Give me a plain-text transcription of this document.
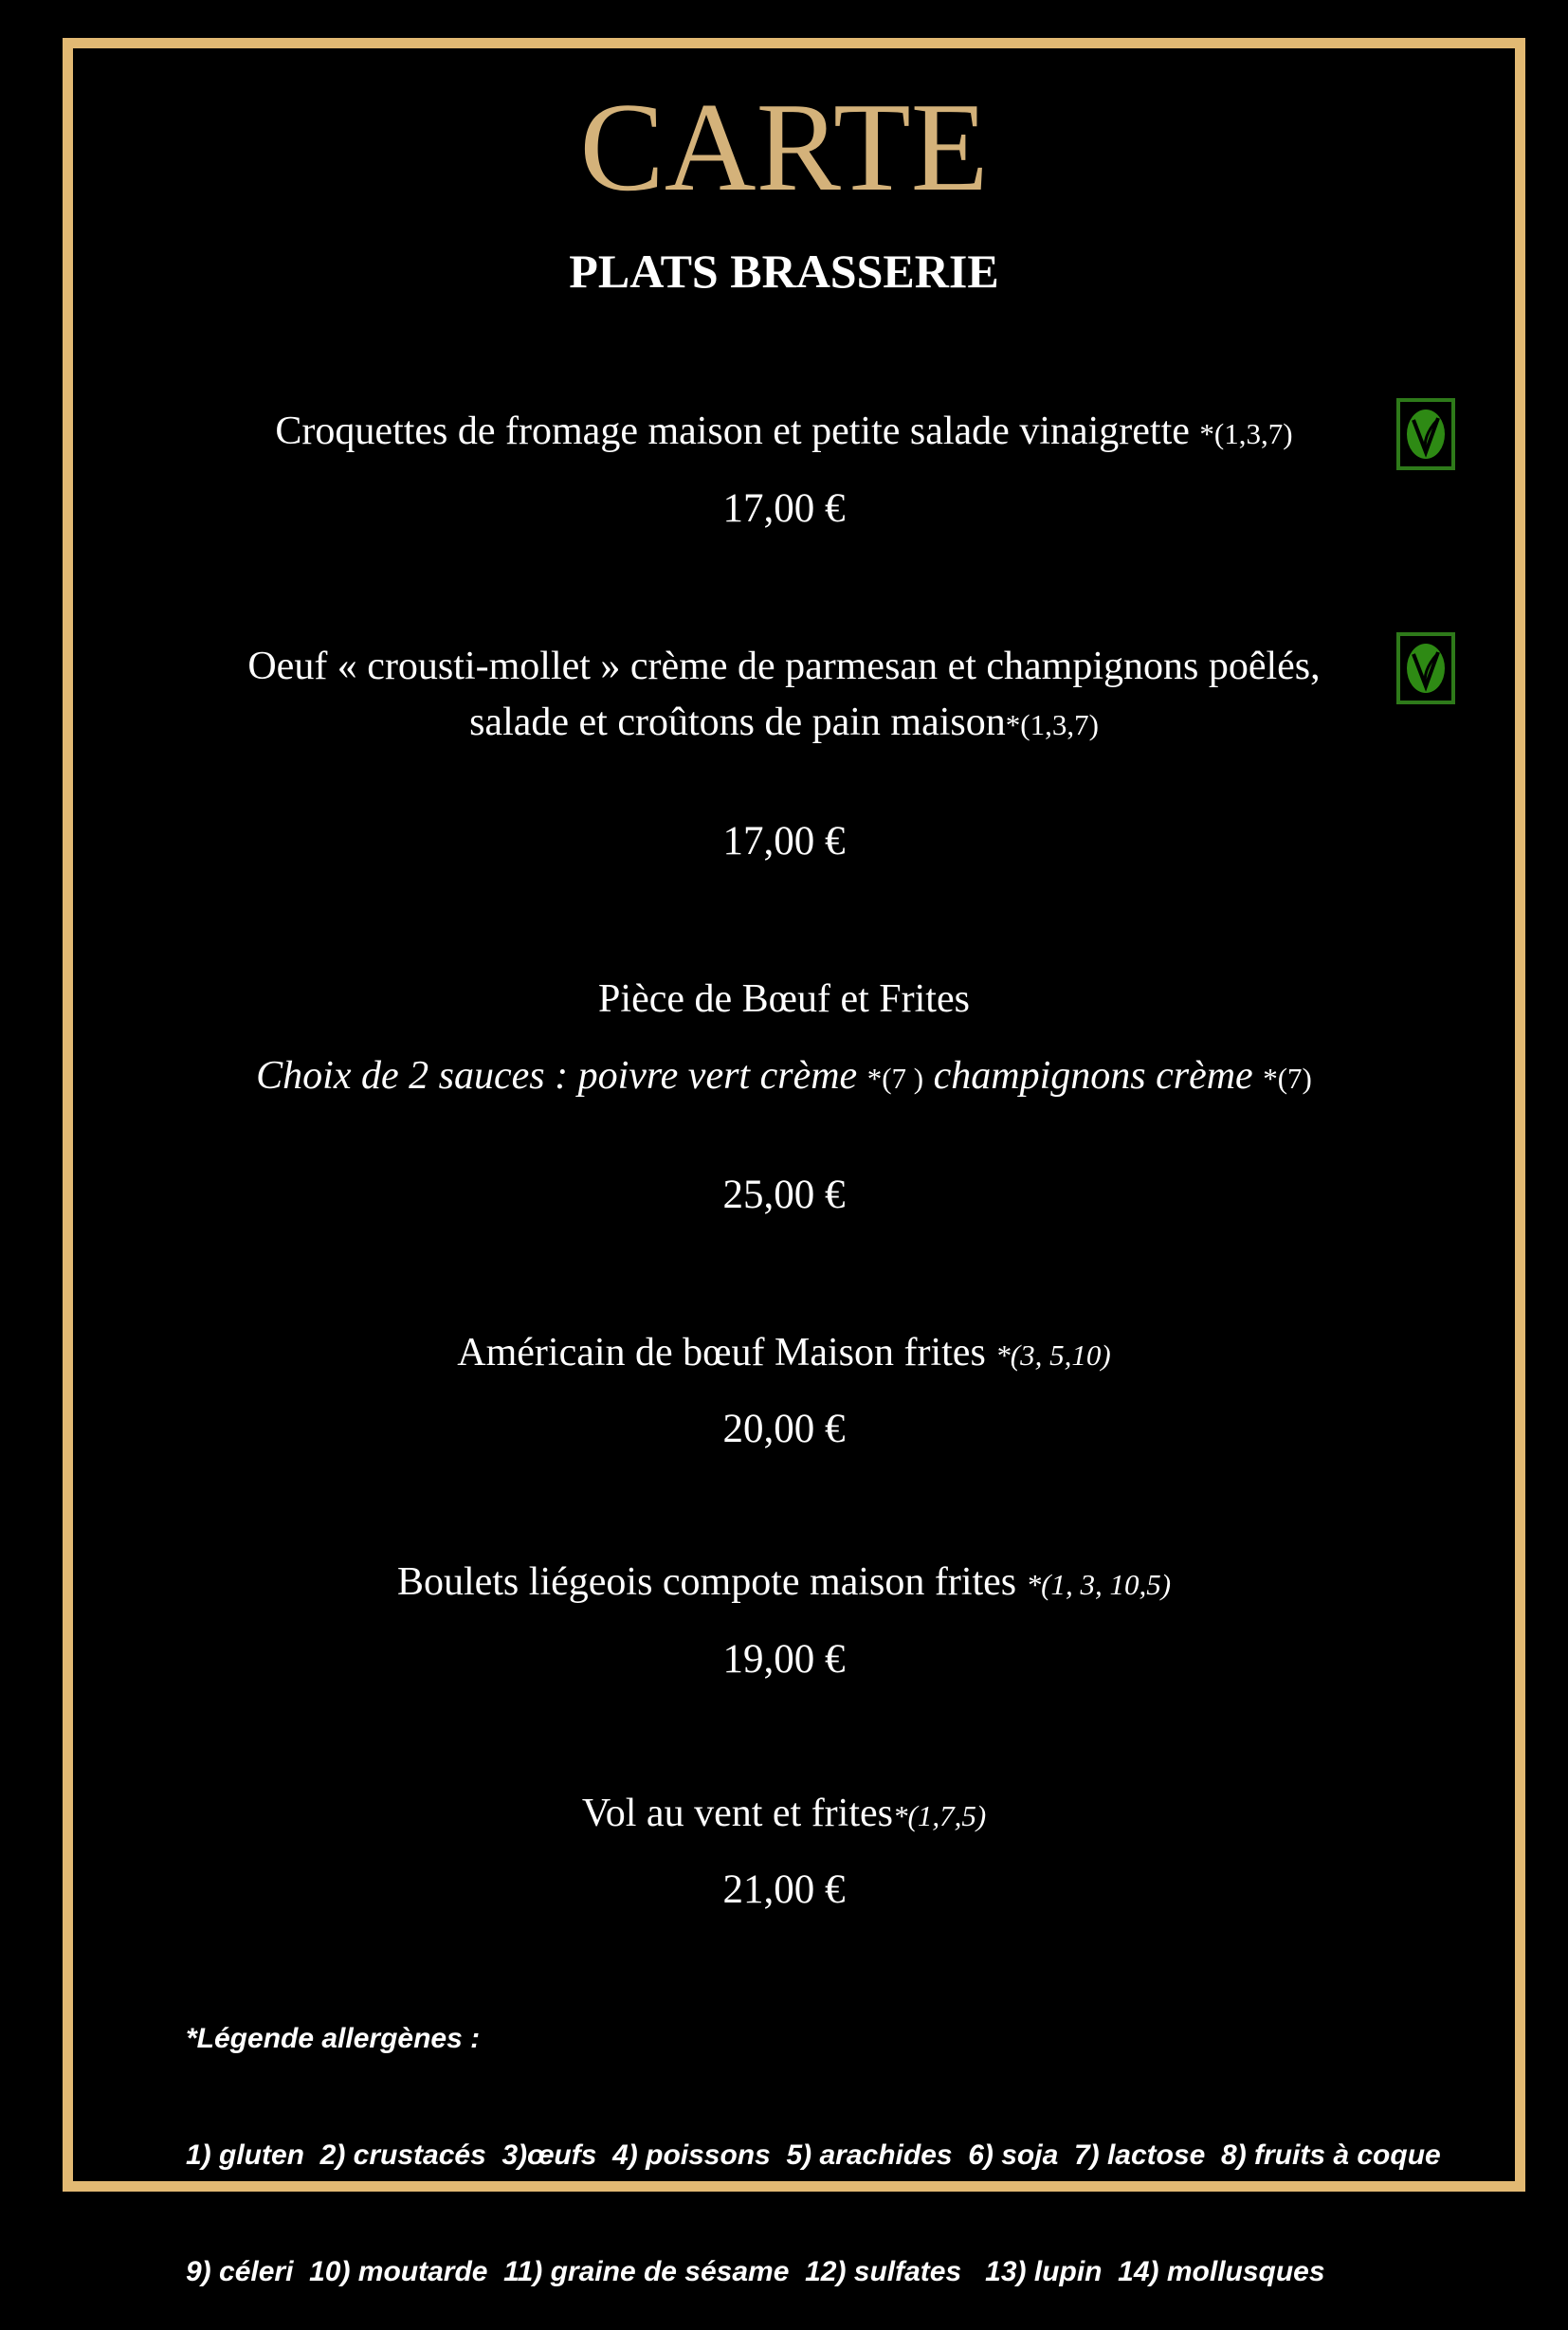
CARTE
PLATS BRASSERIE
Croquettes de fromage maison et petite salade vinaigrette *(1,3,7)
17,00 €
Oeuf « crousti-mollet » crème de parmesan et champignons poêlés,
salade et croûtons de pain maison*(1,3,7)
17,00 €
Pièce de Bœuf et Frites
Choix de 2 sauces : poivre vert crème *(7 ) champignons crème *(7)
25,00 €
Américain de bœuf Maison frites *(3, 5,10)
20,00 €
Boulets liégeois compote maison frites *(1, 3, 10,5)
19,00 €
Vol au vent et frites*(1,7,5)
21,00 €

*Légende allergènes :

1) gluten  2) crustacés  3)œufs  4) poissons  5) arachides  6) soja  7) lactose  8) fruits à coque

9) céleri  10) moutarde  11) graine de sésame  12) sulfates   13) lupin  14) mollusques
